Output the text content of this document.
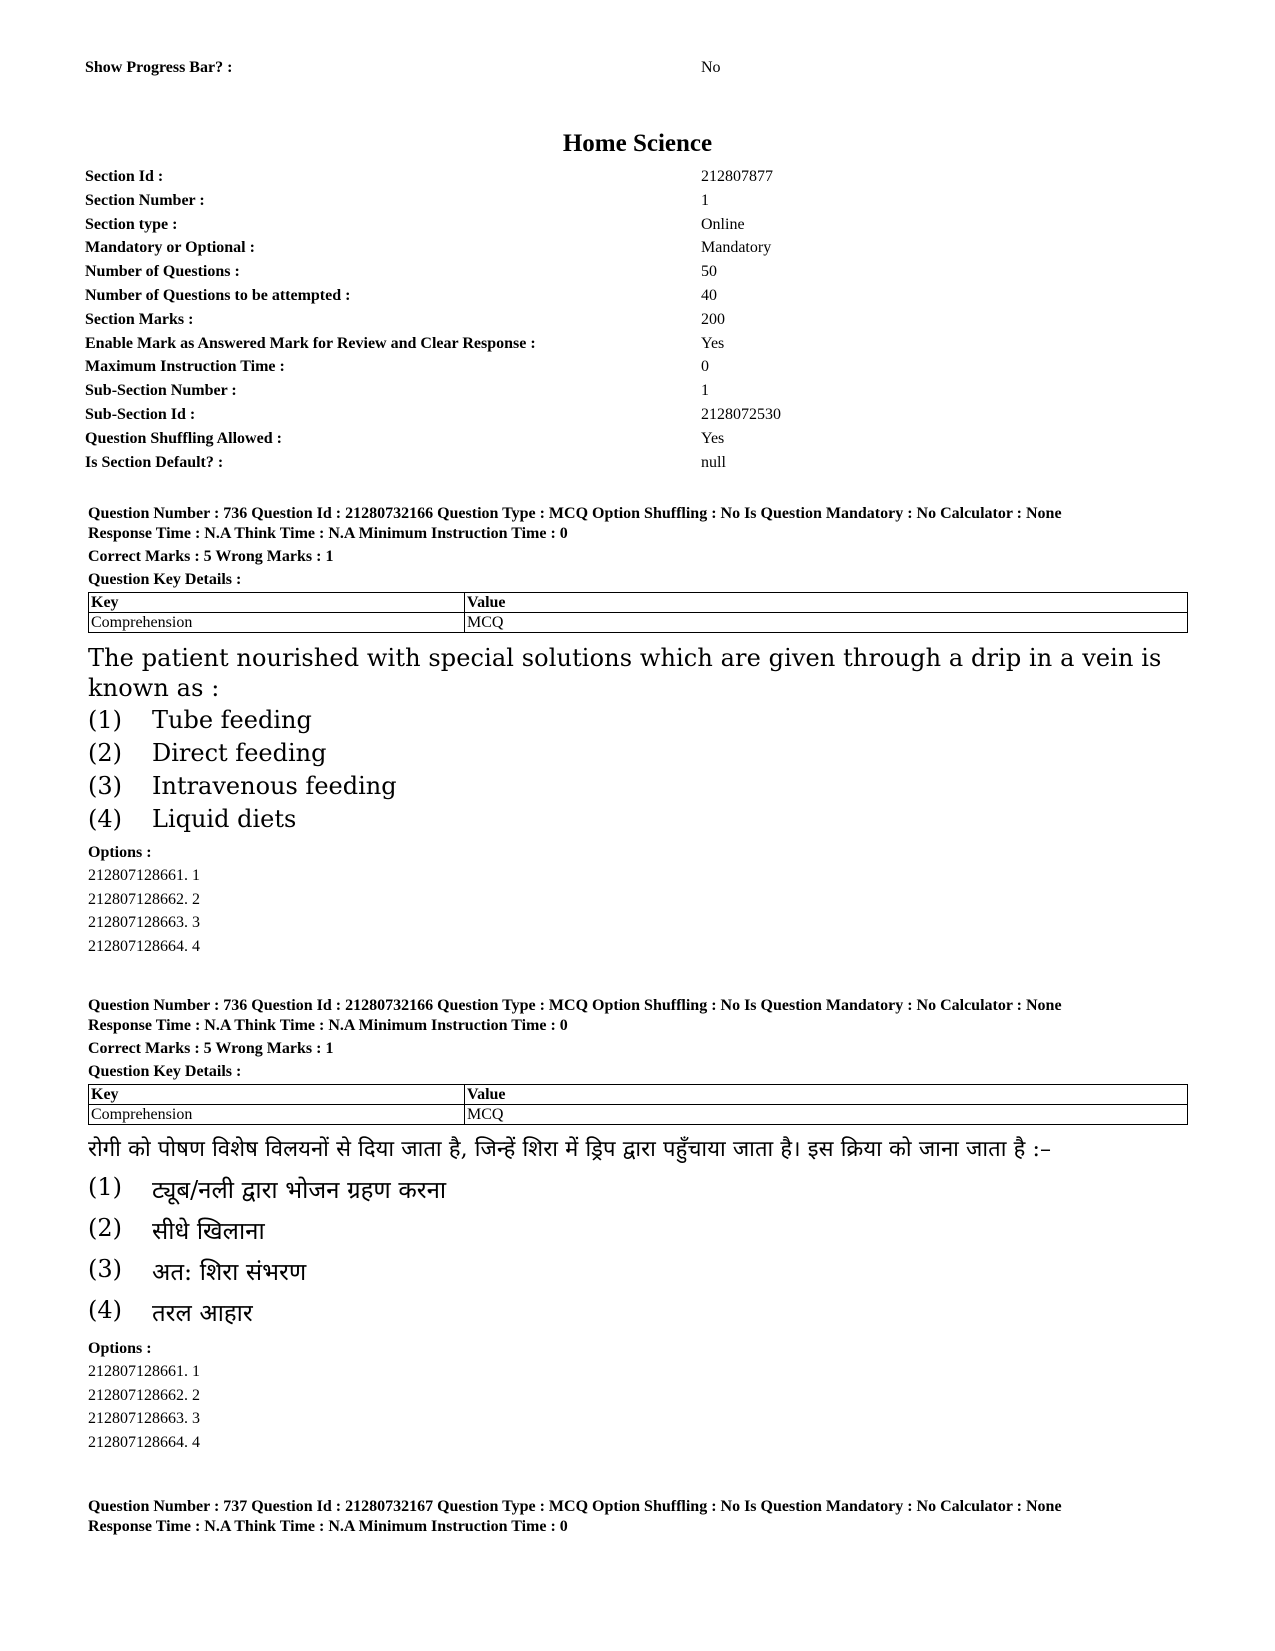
Show Progress Bar? :	No
Home Science
Section Id :	212807877
Section Number :	1
Section type :	Online
Mandatory or Optional :	Mandatory
Number of Questions :	50
Number of Questions to be attempted :	40
Section Marks :	200
Enable Mark as Answered Mark for Review and Clear Response :	Yes
Maximum Instruction Time :	0
Sub-Section Number :	1
Sub-Section Id :	2128072530
Question Shuffling Allowed :	Yes
Is Section Default? :	null
Question Number : 736 Question Id : 21280732166 Question Type : MCQ Option Shuffling : No Is Question Mandatory : No Calculator : None
Response Time : N.A Think Time : N.A Minimum Instruction Time : 0
Correct Marks : 5 Wrong Marks : 1
Question Key Details :
Key	Value
Comprehension	MCQ
The patient nourished with special solutions which are given through a drip in a vein is known as :
(1) Tube feeding
(2) Direct feeding
(3) Intravenous feeding
(4) Liquid diets
Options :
212807128661. 1
212807128662. 2
212807128663. 3
212807128664. 4
Question Number : 736 Question Id : 21280732166 Question Type : MCQ Option Shuffling : No Is Question Mandatory : No Calculator : None
Response Time : N.A Think Time : N.A Minimum Instruction Time : 0
Correct Marks : 5 Wrong Marks : 1
Question Key Details :
Key	Value
Comprehension	MCQ
रोगी को पोषण विशेष विलयनों से दिया जाता है, जिन्हें शिरा में ड्रिप द्वारा पहुँचाया जाता है। इस क्रिया को जाना जाता है :–
(1) ट्यूब/नली द्वारा भोजन ग्रहण करना
(2) सीधे खिलाना
(3) अत: शिरा संभरण
(4) तरल आहार
Options :
212807128661. 1
212807128662. 2
212807128663. 3
212807128664. 4
Question Number : 737 Question Id : 21280732167 Question Type : MCQ Option Shuffling : No Is Question Mandatory : No Calculator : None
Response Time : N.A Think Time : N.A Minimum Instruction Time : 0
